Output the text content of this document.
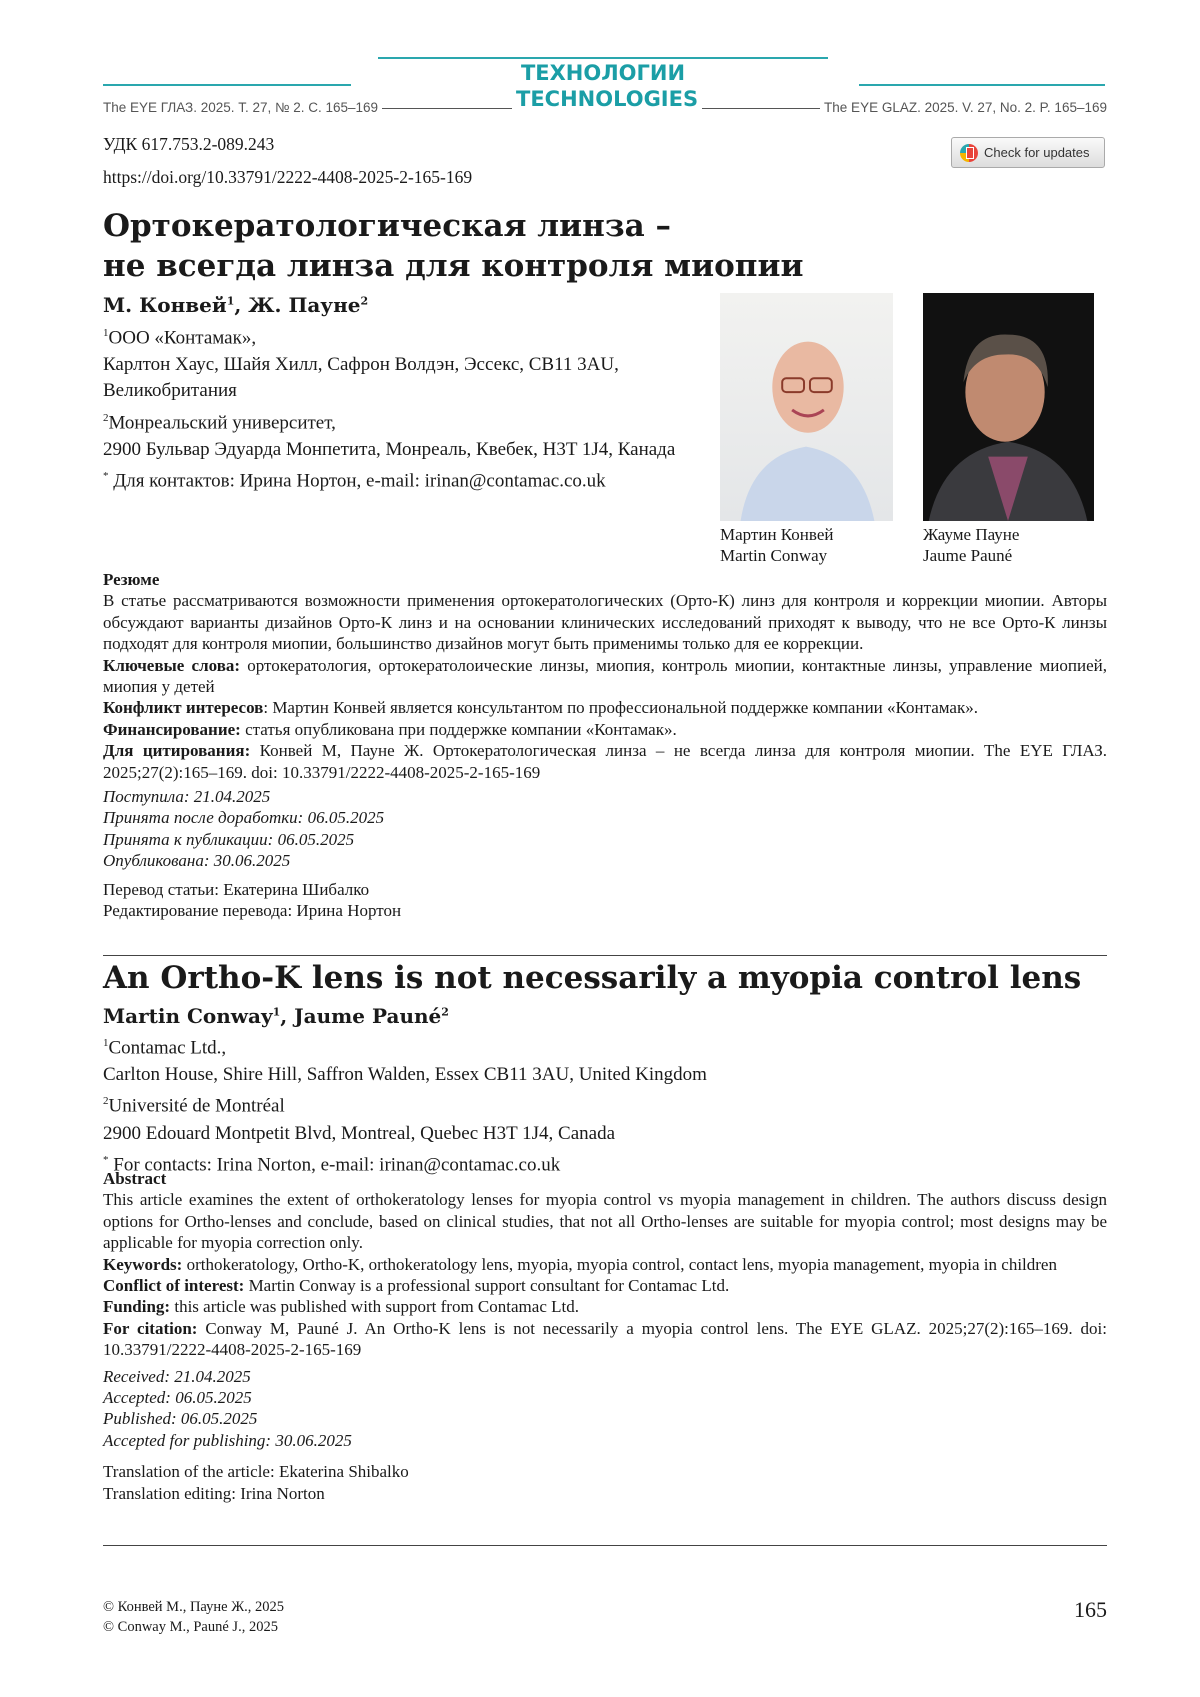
ТЕХНОЛОГИИ
TECHNOLOGIES
The EYE ГЛАЗ. 2025. Т. 27, № 2. С. 165–169	The EYE GLAZ. 2025. V. 27, No. 2. P. 165–169
УДК 617.753.2-089.243
https://doi.org/10.33791/2222-4408-2025-2-165-169
Check for updates
Ортокератологическая линза –
не всегда линза для контроля миопии
М. Конвей1, Ж. Пауне2
1ООО «Контамак»,
Карлтон Хаус, Шайя Хилл, Сафрон Волдэн, Эссекс, CB11 3AU, Великобритания
2Монреальский университет,
2900 Бульвар Эдуарда Монпетита, Монреаль, Квебек, H3T 1J4, Канада
* Для контактов: Ирина Нортон, e-mail: irinan@contamac.co.uk
Мартин Конвей
Martin Conway
Жауме Пауне
Jaume Pauné

Резюме

В статье рассматриваются возможности применения ортокератологических (Орто-К) линз для контроля и коррекции миопии. Авторы обсуждают варианты дизайнов Орто-К линз и на основании клинических исследований приходят к выводу, что не все Орто-К линзы подходят для контроля миопии, большинство дизайнов могут быть применимы только для ее коррекции.

Ключевые слова: ортокератология, ортокератолоические линзы, миопия, контроль миопии, контактные линзы, управление миопией, миопия у детей

Конфликт интересов: Мартин Конвей является консультантом по профессиональной поддержке компании «Контамак».

Финансирование: статья опубликована при поддержке компании «Контамак».

Для цитирования: Конвей М, Пауне Ж. Ортокератологическая линза – не всегда линза для контроля миопии. The EYE ГЛАЗ. 2025;27(2):165–169. doi: 10.33791/2222-4408-2025-2-165-169

Поступила: 21.04.2025

Принята после доработки: 06.05.2025

Принята к публикации: 06.05.2025

Опубликована: 30.06.2025

Перевод статьи: Екатерина Шибалко

Редактирование перевода: Ирина Нортон

An Ortho-K lens is not necessarily a myopia control lens
Martin Conway1, Jaume Pauné2
1Contamac Ltd.,
Carlton House, Shire Hill, Saffron Walden, Essex CB11 3AU, United Kingdom
2Université de Montréal
2900 Edouard Montpetit Blvd, Montreal, Quebec H3T 1J4, Canada
* For contacts: Irina Norton, e-mail: irinan@contamac.co.uk

Abstract

This article examines the extent of orthokeratology lenses for myopia control vs myopia management in children. The authors discuss design options for Ortho-lenses and conclude, based on clinical studies, that not all Ortho-lenses are suitable for myopia control; most designs may be applicable for myopia correction only.

Keywords: orthokeratology, Ortho-K, orthokeratology lens, myopia, myopia control, contact lens, myopia management, myopia in children

Conflict of interest: Martin Conway is a professional support consultant for Contamac Ltd.

Funding: this article was published with support from Contamac Ltd.

For citation: Conway M, Pauné J. An Ortho-K lens is not necessarily a myopia control lens. The EYE GLAZ. 2025;27(2):165–169. doi: 10.33791/2222-4408-2025-2-165-169

Received: 21.04.2025

Accepted: 06.05.2025

Published: 06.05.2025

Accepted for publishing: 30.06.2025

Translation of the article: Ekaterina Shibalko

Translation editing: Irina Norton

© Конвей М., Пауне Ж., 2025
© Conway M., Pauné J., 2025
165
